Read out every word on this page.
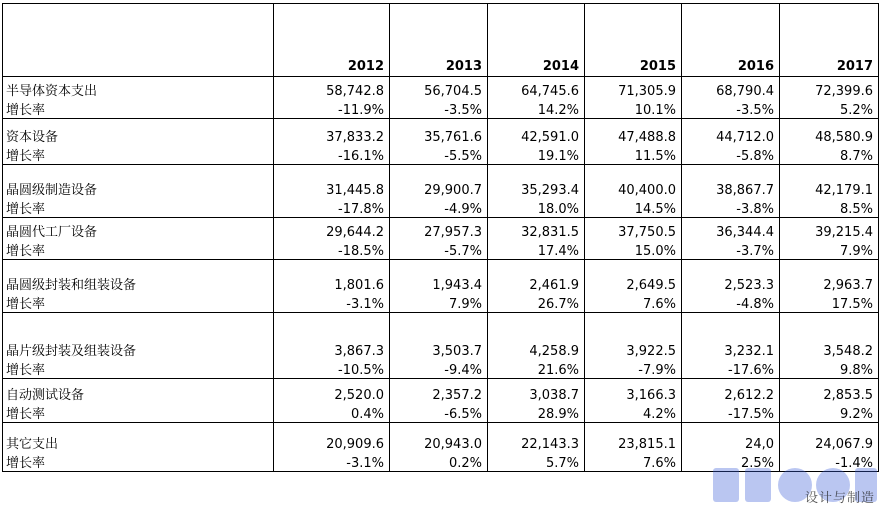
	2012	2013	2014	2015	2016	2017
半导体资本支出	58,742.8	56,704.5	64,745.6	71,305.9	68,790.4	72,399.6
增长率	-11.9%	-3.5%	14.2%	10.1%	-3.5%	5.2%
资本设备	37,833.2	35,761.6	42,591.0	47,488.8	44,712.0	48,580.9
增长率	-16.1%	-5.5%	19.1%	11.5%	-5.8%	8.7%
晶圆级制造设备	31,445.8	29,900.7	35,293.4	40,400.0	38,867.7	42,179.1
增长率	-17.8%	-4.9%	18.0%	14.5%	-3.8%	8.5%
晶圆代工厂设备	29,644.2	27,957.3	32,831.5	37,750.5	36,344.4	39,215.4
增长率	-18.5%	-5.7%	17.4%	15.0%	-3.7%	7.9%
晶圆级封装和组装设备	1,801.6	1,943.4	2,461.9	2,649.5	2,523.3	2,963.7
增长率	-3.1%	7.9%	26.7%	7.6%	-4.8%	17.5%
晶片级封装及组装设备	3,867.3	3,503.7	4,258.9	3,922.5	3,232.1	3,548.2
增长率	-10.5%	-9.4%	21.6%	-7.9%	-17.6%	9.8%
自动测试设备	2,520.0	2,357.2	3,038.7	3,166.3	2,612.2	2,853.5
增长率	0.4%	-6.5%	28.9%	4.2%	-17.5%	9.2%
其它支出	20,909.6	20,943.0	22,143.3	23,815.1	24,0	24,067.9
增长率	-3.1%	0.2%	5.7%	7.6%	2.5%	-1.4%
设计与制造
